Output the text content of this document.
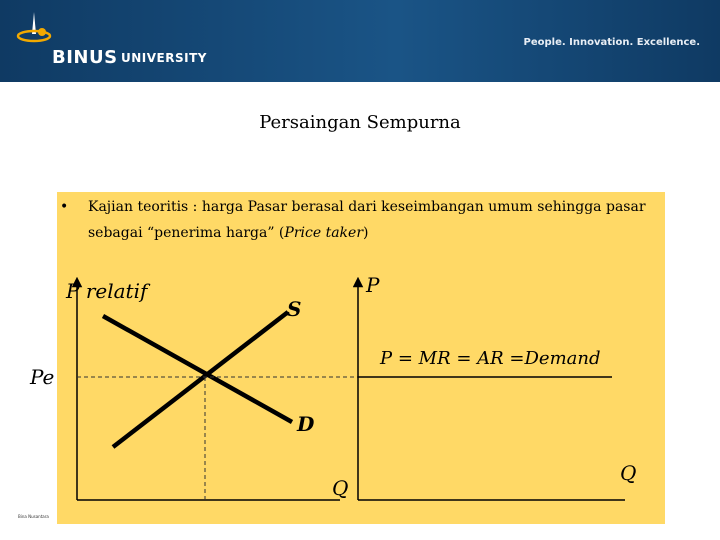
BINUS UNIVERSITY
People. Innovation. Excellence.
Persaingan Sempurna
• Kajian teoritis : harga Pasar berasal dari keseimbangan umum sehingga pasar sebagai “penerima harga” (Price taker)
P relatif
S
Pe
D
Q
P
P = MR = AR =Demand
Q
Bina Nusantara
